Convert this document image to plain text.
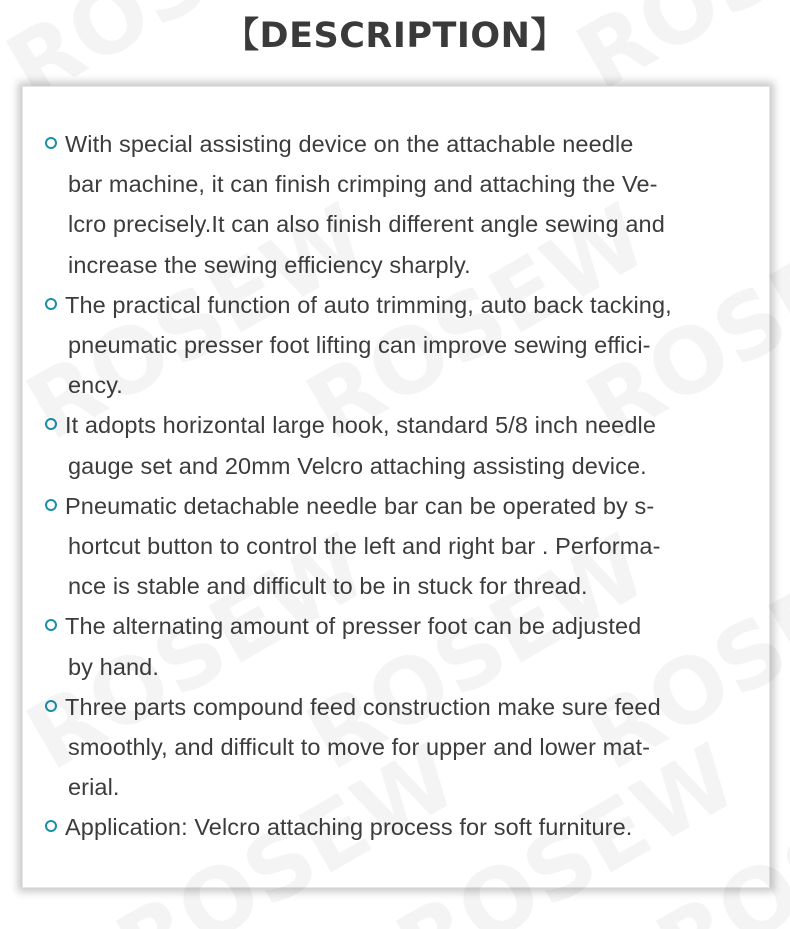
【DESCRIPTION】
With special assisting device on the attachable needle
bar machine, it can finish crimping and attaching the Ve-
lcro precisely.It can also finish different angle sewing and
increase the sewing efficiency sharply.
The practical function of auto trimming, auto back tacking,
pneumatic presser foot lifting can improve sewing effici-
ency.
It adopts horizontal large hook, standard 5/8 inch needle
gauge set and 20mm Velcro attaching assisting device.
Pneumatic detachable needle bar can be operated by s-
hortcut button to control the left and right bar . Performa-
nce is stable and difficult to be in stuck for thread.
The alternating amount of presser foot can be adjusted
by hand.
Three parts compound feed construction make sure feed
smoothly, and difficult to move for upper and lower mat-
erial.
Application: Velcro attaching process for soft furniture.
